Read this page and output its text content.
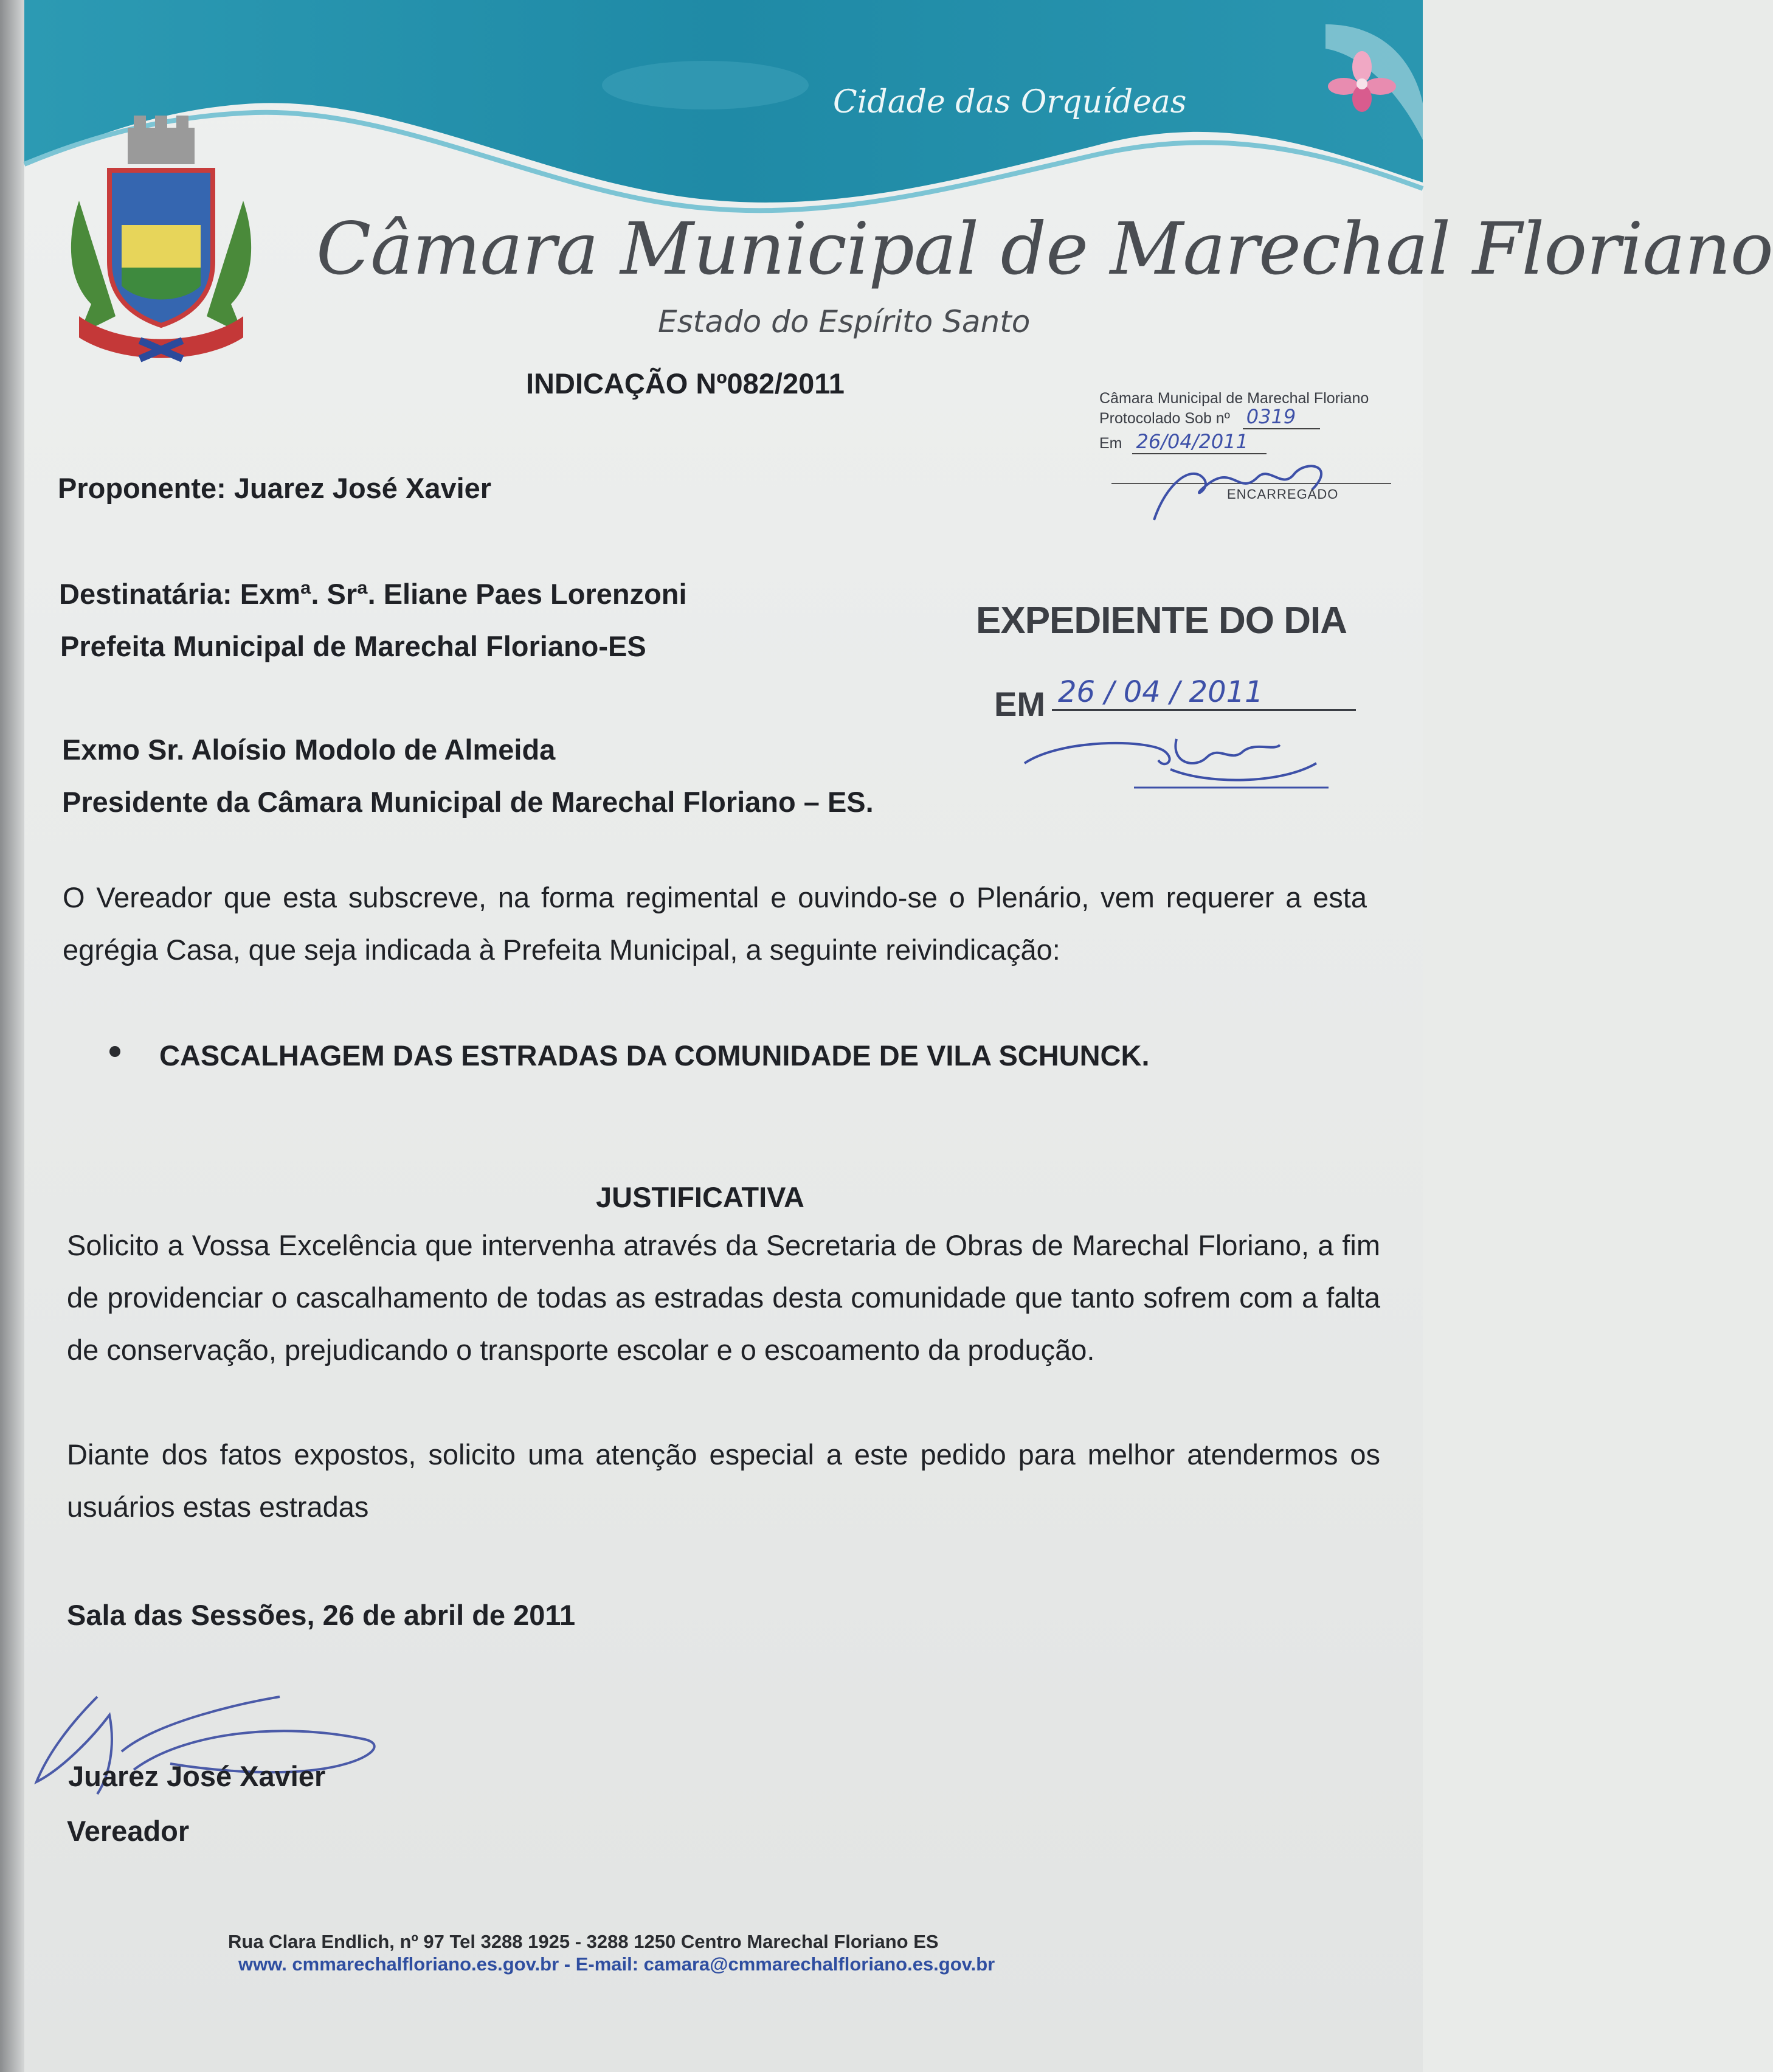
Cidade das Orquídeas
Câmara Municipal de Marechal Floriano
Estado do Espírito Santo
INDICAÇÃO Nº082/2011	Câmara Municipal de Marechal Floriano
Protocolado Sob nº 0319
Em 26/04/2011
ENCARREGADO
Proponente: Juarez José Xavier
Destinatária: Exmª. Srª. Eliane Paes Lorenzoni
Prefeita Municipal de Marechal Floriano-ES
EXPEDIENTE DO DIA
EM 26 / 04 / 2011
Exmo Sr. Aloísio Modolo de Almeida
Presidente da Câmara Municipal de Marechal Floriano – ES.
O Vereador que esta subscreve, na forma regimental e ouvindo-se o Plenário, vem requerer a esta egrégia Casa, que seja indicada à Prefeita Municipal, a seguinte reivindicação:
CASCALHAGEM DAS ESTRADAS DA COMUNIDADE DE VILA SCHUNCK.
JUSTIFICATIVA
Solicito a Vossa Excelência que intervenha através da Secretaria de Obras de Marechal Floriano, a fim de providenciar o cascalhamento de todas as estradas desta comunidade que tanto sofrem com a falta de conservação, prejudicando o transporte escolar e o escoamento da produção.
Diante dos fatos expostos, solicito uma atenção especial a este pedido para melhor atendermos os usuários estas estradas
Sala das Sessões, 26 de abril de 2011
Juarez José Xavier
Vereador
Rua Clara Endlich, nº 97 Tel 3288 1925 - 3288 1250 Centro Marechal Floriano ES
www. cmmarechalfloriano.es.gov.br - E-mail: camara@cmmarechalfloriano.es.gov.br
